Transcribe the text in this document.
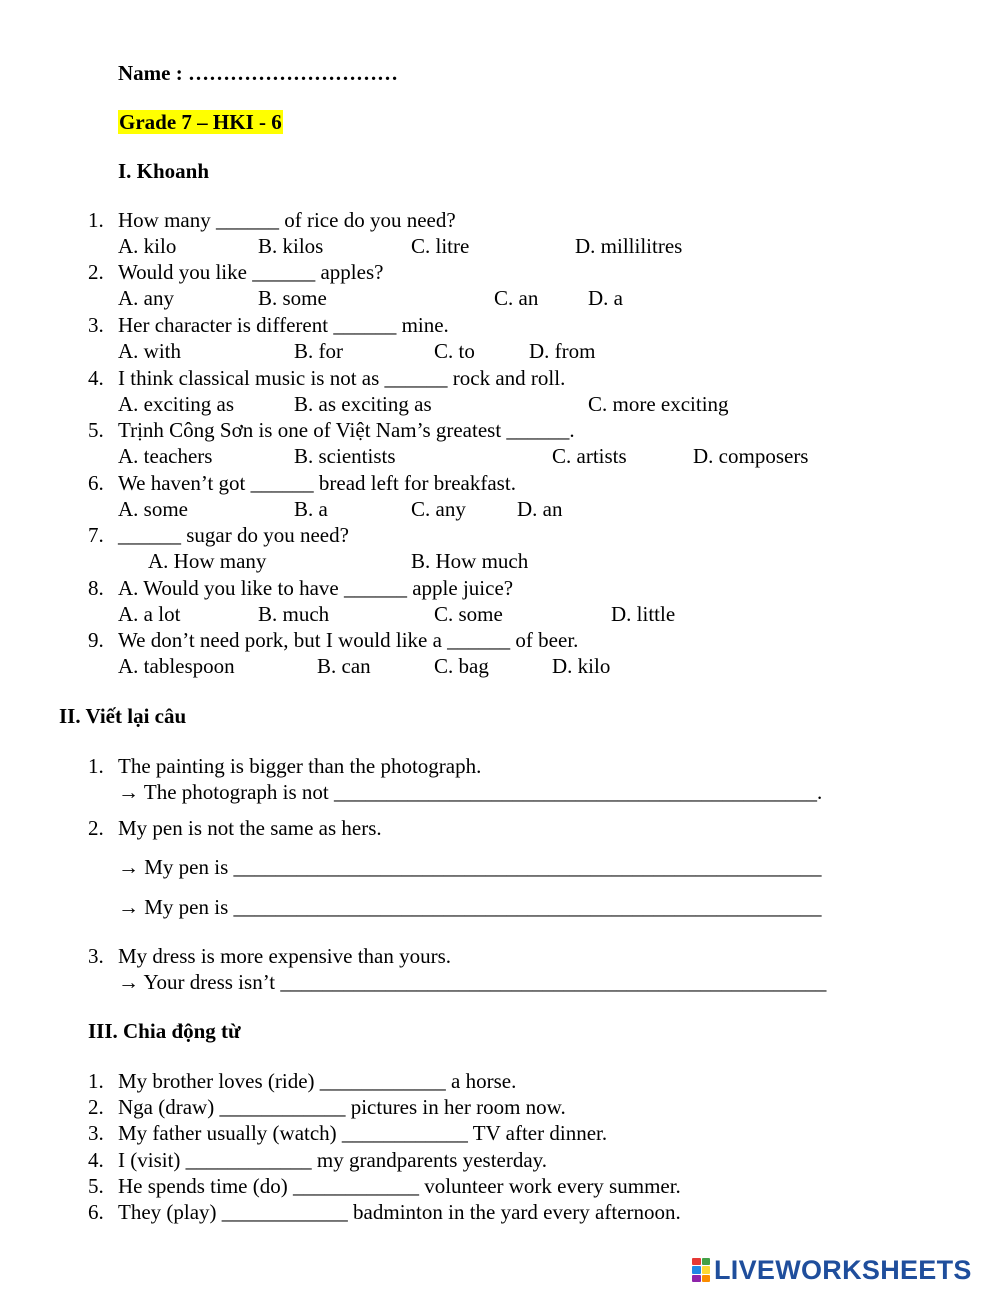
Name : …………………………
Grade 7 – HKI - 6
I. Khoanh
1. How many ______ of rice do you need?
A. kilo	B. kilos	C. litre	D. millilitres
2. Would you like ______ apples?
A. any	B. some	C. an D. a
3. Her character is different ______ mine.
A. with	B. for	C. to	D. from
4. I think classical music is not as ______ rock and roll.
A. exciting as	B. as exciting as	C. more exciting
5. Trịnh Công Sơn is one of Việt Nam’s greatest ______.
A. teachers	B. scientists	C. artists	D. composers
6. We haven’t got ______ bread left for breakfast.
A. some	B. a	C. any D. an
7. ______ sugar do you need?
A. How many	B. How much
8. A. Would you like to have ______ apple juice?
A. a lot	B. much	C. some	D. little
9. We don’t need pork, but I would like a ______ of beer.
A. tablespoon	B. can	C. bag	D. kilo
II. Viết lại câu
1. The painting is bigger than the photograph.
→ The photograph is not ______________________________________________.
2. My pen is not the same as hers.
→ My pen is ________________________________________________________
→ My pen is ________________________________________________________
3. My dress is more expensive than yours.
→ Your dress isn’t ____________________________________________________
III. Chia động từ
1. My brother loves (ride) ____________ a horse.
2. Nga (draw) ____________ pictures in her room now.
3. My father usually (watch) ____________ TV after dinner.
4. I (visit) ____________ my grandparents yesterday.
5. He spends time (do) ____________ volunteer work every summer.
6. They (play) ____________ badminton in the yard every afternoon.
LIVEWORKSHEETS
